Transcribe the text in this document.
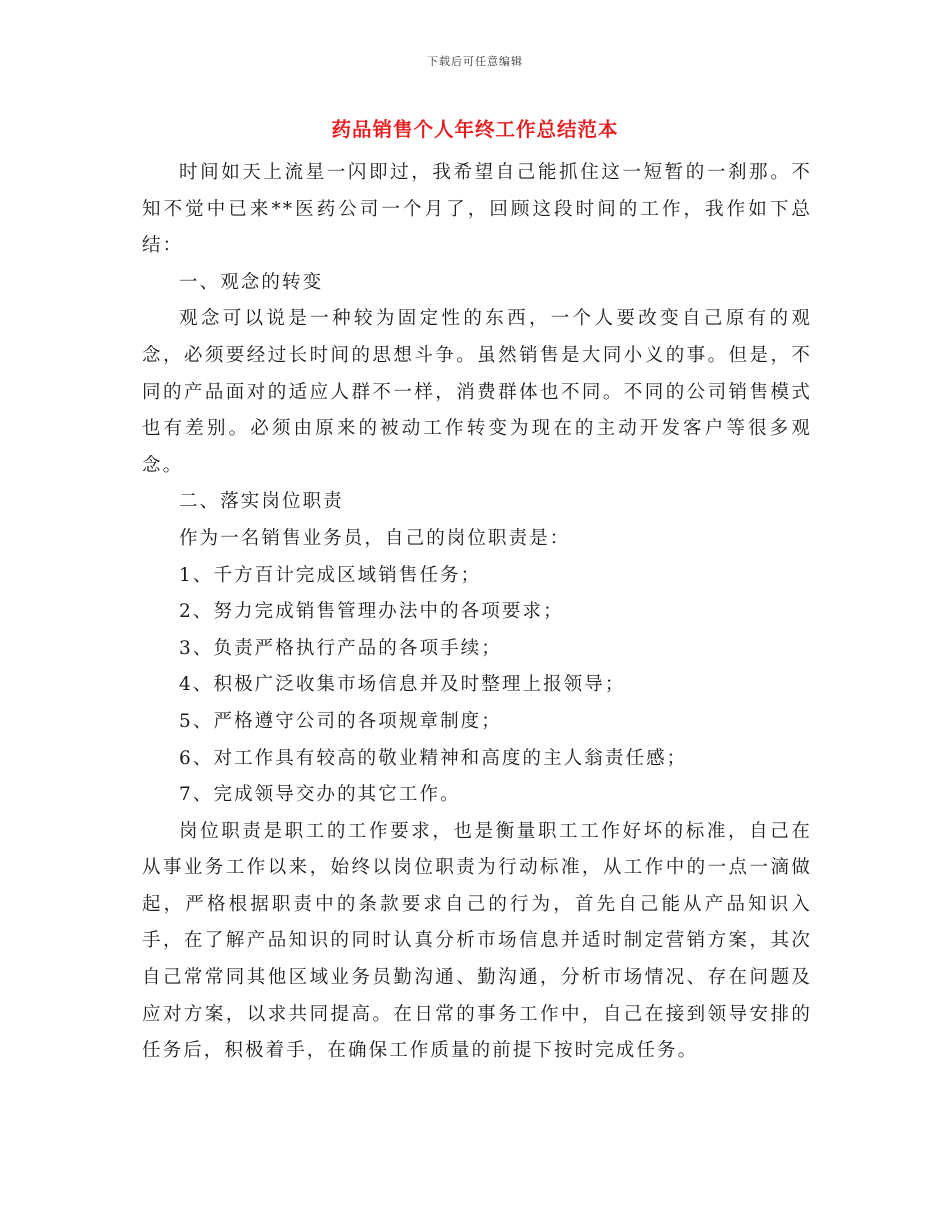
下载后可任意编辑
药品销售个人年终工作总结范本

时间如天上流星一闪即过，我希望自己能抓住这一短暂的一刹那。不知不觉中已来**医药公司一个月了，回顾这段时间的工作，我作如下总结：

一、观念的转变

观念可以说是一种较为固定性的东西，一个人要改变自己原有的观念，必须要经过长时间的思想斗争。虽然销售是大同小义的事。但是，不同的产品面对的适应人群不一样，消费群体也不同。不同的公司销售模式也有差别。必须由原来的被动工作转变为现在的主动开发客户等很多观念。

二、落实岗位职责

作为一名销售业务员，自己的岗位职责是：

1、千方百计完成区域销售任务；

2、努力完成销售管理办法中的各项要求；

3、负责严格执行产品的各项手续；

4、积极广泛收集市场信息并及时整理上报领导；

5、严格遵守公司的各项规章制度；

6、对工作具有较高的敬业精神和高度的主人翁责任感；

7、完成领导交办的其它工作。

岗位职责是职工的工作要求，也是衡量职工工作好坏的标准，自己在从事业务工作以来，始终以岗位职责为行动标准，从工作中的一点一滴做起，严格根据职责中的条款要求自己的行为，首先自己能从产品知识入手，在了解产品知识的同时认真分析市场信息并适时制定营销方案，其次自己常常同其他区域业务员勤沟通、勤沟通，分析市场情况、存在问题及应对方案，以求共同提高。在日常的事务工作中，自己在接到领导安排的任务后，积极着手，在确保工作质量的前提下按时完成任务。
